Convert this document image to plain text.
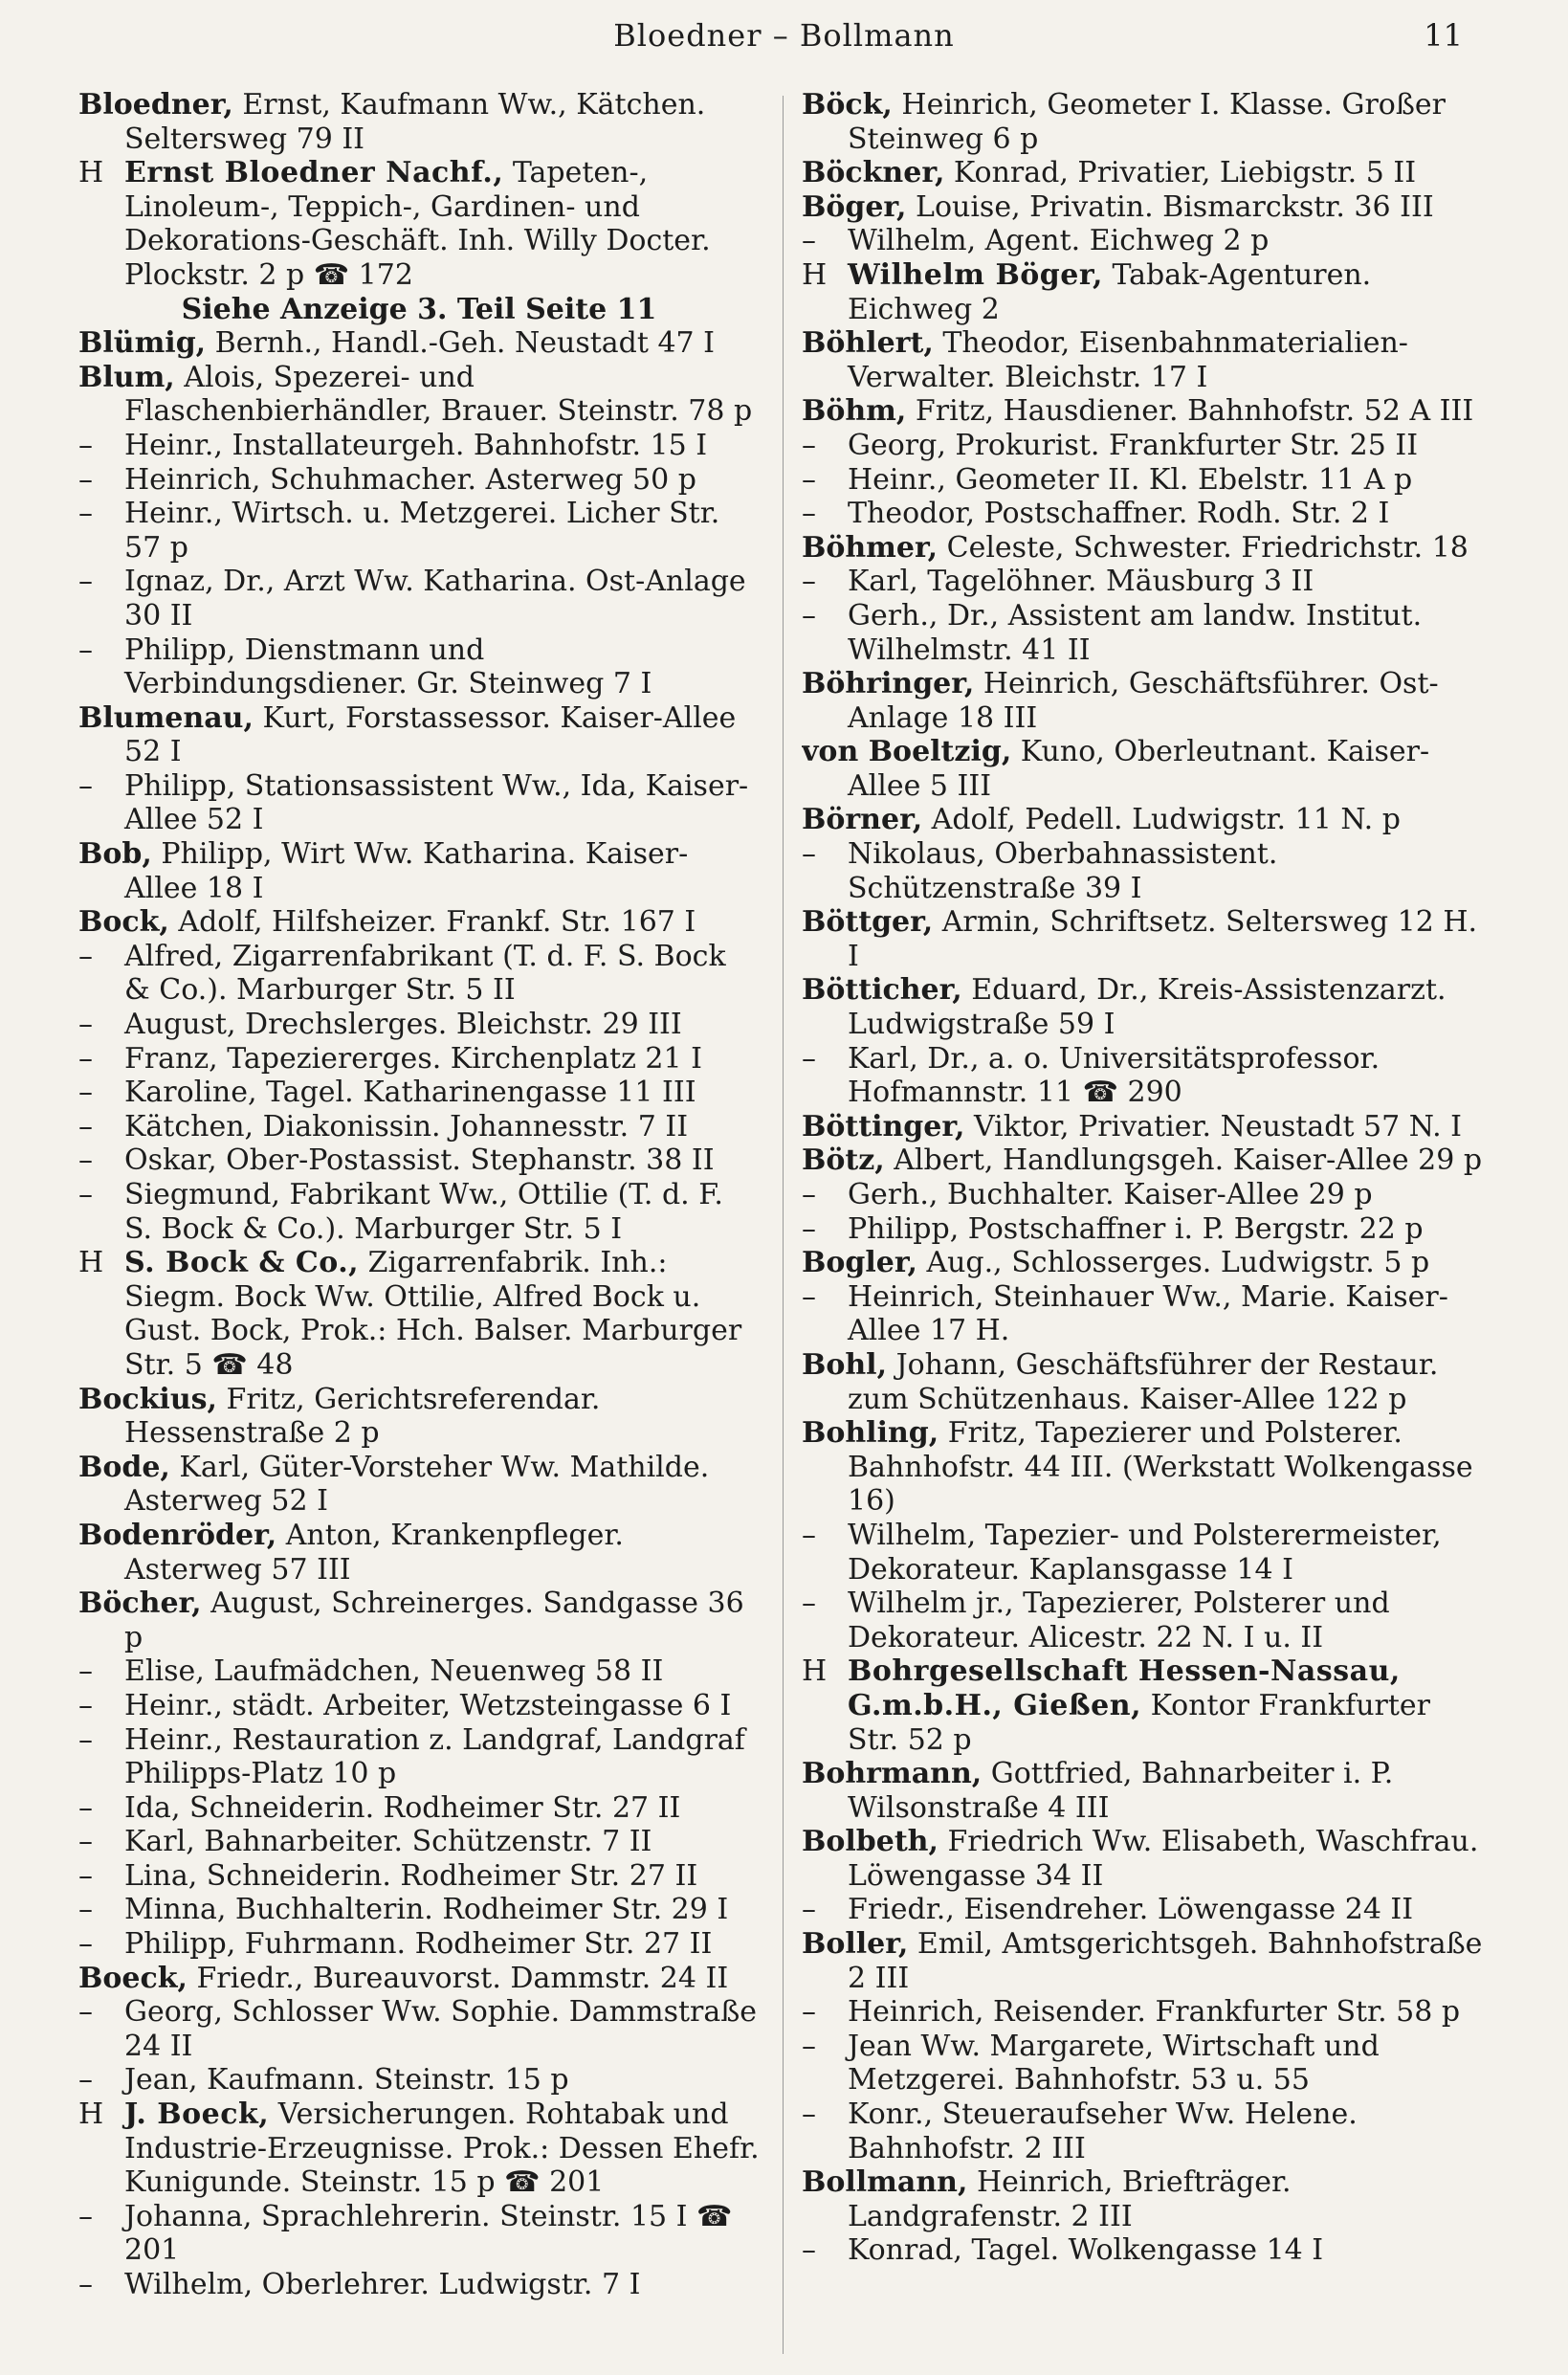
Bloedner – Bollmann	11

Bloedner, Ernst, Kaufmann Ww., Kätchen. Seltersweg 79 II

H Ernst Bloedner Nachf., Tapeten-, Linoleum-, Teppich-, Gardinen- und Dekorations-Geschäft. Inh. Willy Docter. Plockstr. 2 p ☎ 172

Siehe Anzeige 3. Teil Seite 11

Blümig, Bernh., Handl.-Geh. Neustadt 47 I

Blum, Alois, Spezerei- und Flaschenbierhändler, Brauer. Steinstr. 78 p

– Heinr., Installateurgeh. Bahnhofstr. 15 I

– Heinrich, Schuhmacher. Asterweg 50 p

– Heinr., Wirtsch. u. Metzgerei. Licher Str. 57 p

– Ignaz, Dr., Arzt Ww. Katharina. Ost-Anlage 30 II

– Philipp, Dienstmann und Verbindungsdiener. Gr. Steinweg 7 I

Blumenau, Kurt, Forstassessor. Kaiser-Allee 52 I

– Philipp, Stationsassistent Ww., Ida, Kaiser-Allee 52 I

Bob, Philipp, Wirt Ww. Katharina. Kaiser-Allee 18 I

Bock, Adolf, Hilfsheizer. Frankf. Str. 167 I

– Alfred, Zigarrenfabrikant (T. d. F. S. Bock & Co.). Marburger Str. 5 II

– August, Drechslerges. Bleichstr. 29 III

– Franz, Tapeziererges. Kirchenplatz 21 I

– Karoline, Tagel. Katharinengasse 11 III

– Kätchen, Diakonissin. Johannesstr. 7 II

– Oskar, Ober-Postassist. Stephanstr. 38 II

– Siegmund, Fabrikant Ww., Ottilie (T. d. F. S. Bock & Co.). Marburger Str. 5 I

H S. Bock & Co., Zigarrenfabrik. Inh.: Siegm. Bock Ww. Ottilie, Alfred Bock u. Gust. Bock, Prok.: Hch. Balser. Marburger Str. 5 ☎ 48

Bockius, Fritz, Gerichtsreferendar. Hessenstraße 2 p

Bode, Karl, Güter-Vorsteher Ww. Mathilde. Asterweg 52 I

Bodenröder, Anton, Krankenpfleger. Asterweg 57 III

Böcher, August, Schreinerges. Sandgasse 36 p

– Elise, Laufmädchen, Neuenweg 58 II

– Heinr., städt. Arbeiter, Wetzsteingasse 6 I

– Heinr., Restauration z. Landgraf, Landgraf Philipps-Platz 10 p

– Ida, Schneiderin. Rodheimer Str. 27 II

– Karl, Bahnarbeiter. Schützenstr. 7 II

– Lina, Schneiderin. Rodheimer Str. 27 II

– Minna, Buchhalterin. Rodheimer Str. 29 I

– Philipp, Fuhrmann. Rodheimer Str. 27 II

Boeck, Friedr., Bureauvorst. Dammstr. 24 II

– Georg, Schlosser Ww. Sophie. Dammstraße 24 II

– Jean, Kaufmann. Steinstr. 15 p

H J. Boeck, Versicherungen. Rohtabak und Industrie-Erzeugnisse. Prok.: Dessen Ehefr. Kunigunde. Steinstr. 15 p ☎ 201

– Johanna, Sprachlehrerin. Steinstr. 15 I ☎ 201

– Wilhelm, Oberlehrer. Ludwigstr. 7 I

Böck, Heinrich, Geometer I. Klasse. Großer Steinweg 6 p

Böckner, Konrad, Privatier, Liebigstr. 5 II

Böger, Louise, Privatin. Bismarckstr. 36 III

– Wilhelm, Agent. Eichweg 2 p

H Wilhelm Böger, Tabak-Agenturen. Eichweg 2

Böhlert, Theodor, Eisenbahnmaterialien-Verwalter. Bleichstr. 17 I

Böhm, Fritz, Hausdiener. Bahnhofstr. 52 A III

– Georg, Prokurist. Frankfurter Str. 25 II

– Heinr., Geometer II. Kl. Ebelstr. 11 A p

– Theodor, Postschaffner. Rodh. Str. 2 I

Böhmer, Celeste, Schwester. Friedrichstr. 18

– Karl, Tagelöhner. Mäusburg 3 II

– Gerh., Dr., Assistent am landw. Institut. Wilhelmstr. 41 II

Böhringer, Heinrich, Geschäftsführer. Ost-Anlage 18 III

von Boeltzig, Kuno, Oberleutnant. Kaiser-Allee 5 III

Börner, Adolf, Pedell. Ludwigstr. 11 N. p

– Nikolaus, Oberbahnassistent. Schützenstraße 39 I

Böttger, Armin, Schriftsetz. Seltersweg 12 H. I

Bötticher, Eduard, Dr., Kreis-Assistenzarzt. Ludwigstraße 59 I

– Karl, Dr., a. o. Universitätsprofessor. Hofmannstr. 11 ☎ 290

Böttinger, Viktor, Privatier. Neustadt 57 N. I

Bötz, Albert, Handlungsgeh. Kaiser-Allee 29 p

– Gerh., Buchhalter. Kaiser-Allee 29 p

– Philipp, Postschaffner i. P. Bergstr. 22 p

Bogler, Aug., Schlosserges. Ludwigstr. 5 p

– Heinrich, Steinhauer Ww., Marie. Kaiser-Allee 17 H.

Bohl, Johann, Geschäftsführer der Restaur. zum Schützenhaus. Kaiser-Allee 122 p

Bohling, Fritz, Tapezierer und Polsterer. Bahnhofstr. 44 III. (Werkstatt Wolkengasse 16)

– Wilhelm, Tapezier- und Polsterermeister, Dekorateur. Kaplansgasse 14 I

– Wilhelm jr., Tapezierer, Polsterer und Dekorateur. Alicestr. 22 N. I u. II

H Bohrgesellschaft Hessen-Nassau, G.m.b.H., Gießen, Kontor Frankfurter Str. 52 p

Bohrmann, Gottfried, Bahnarbeiter i. P. Wilsonstraße 4 III

Bolbeth, Friedrich Ww. Elisabeth, Waschfrau. Löwengasse 34 II

– Friedr., Eisendreher. Löwengasse 24 II

Boller, Emil, Amtsgerichtsgeh. Bahnhofstraße 2 III

– Heinrich, Reisender. Frankfurter Str. 58 p

– Jean Ww. Margarete, Wirtschaft und Metzgerei. Bahnhofstr. 53 u. 55

– Konr., Steueraufseher Ww. Helene. Bahnhofstr. 2 III

Bollmann, Heinrich, Briefträger. Landgrafenstr. 2 III

– Konrad, Tagel. Wolkengasse 14 I
